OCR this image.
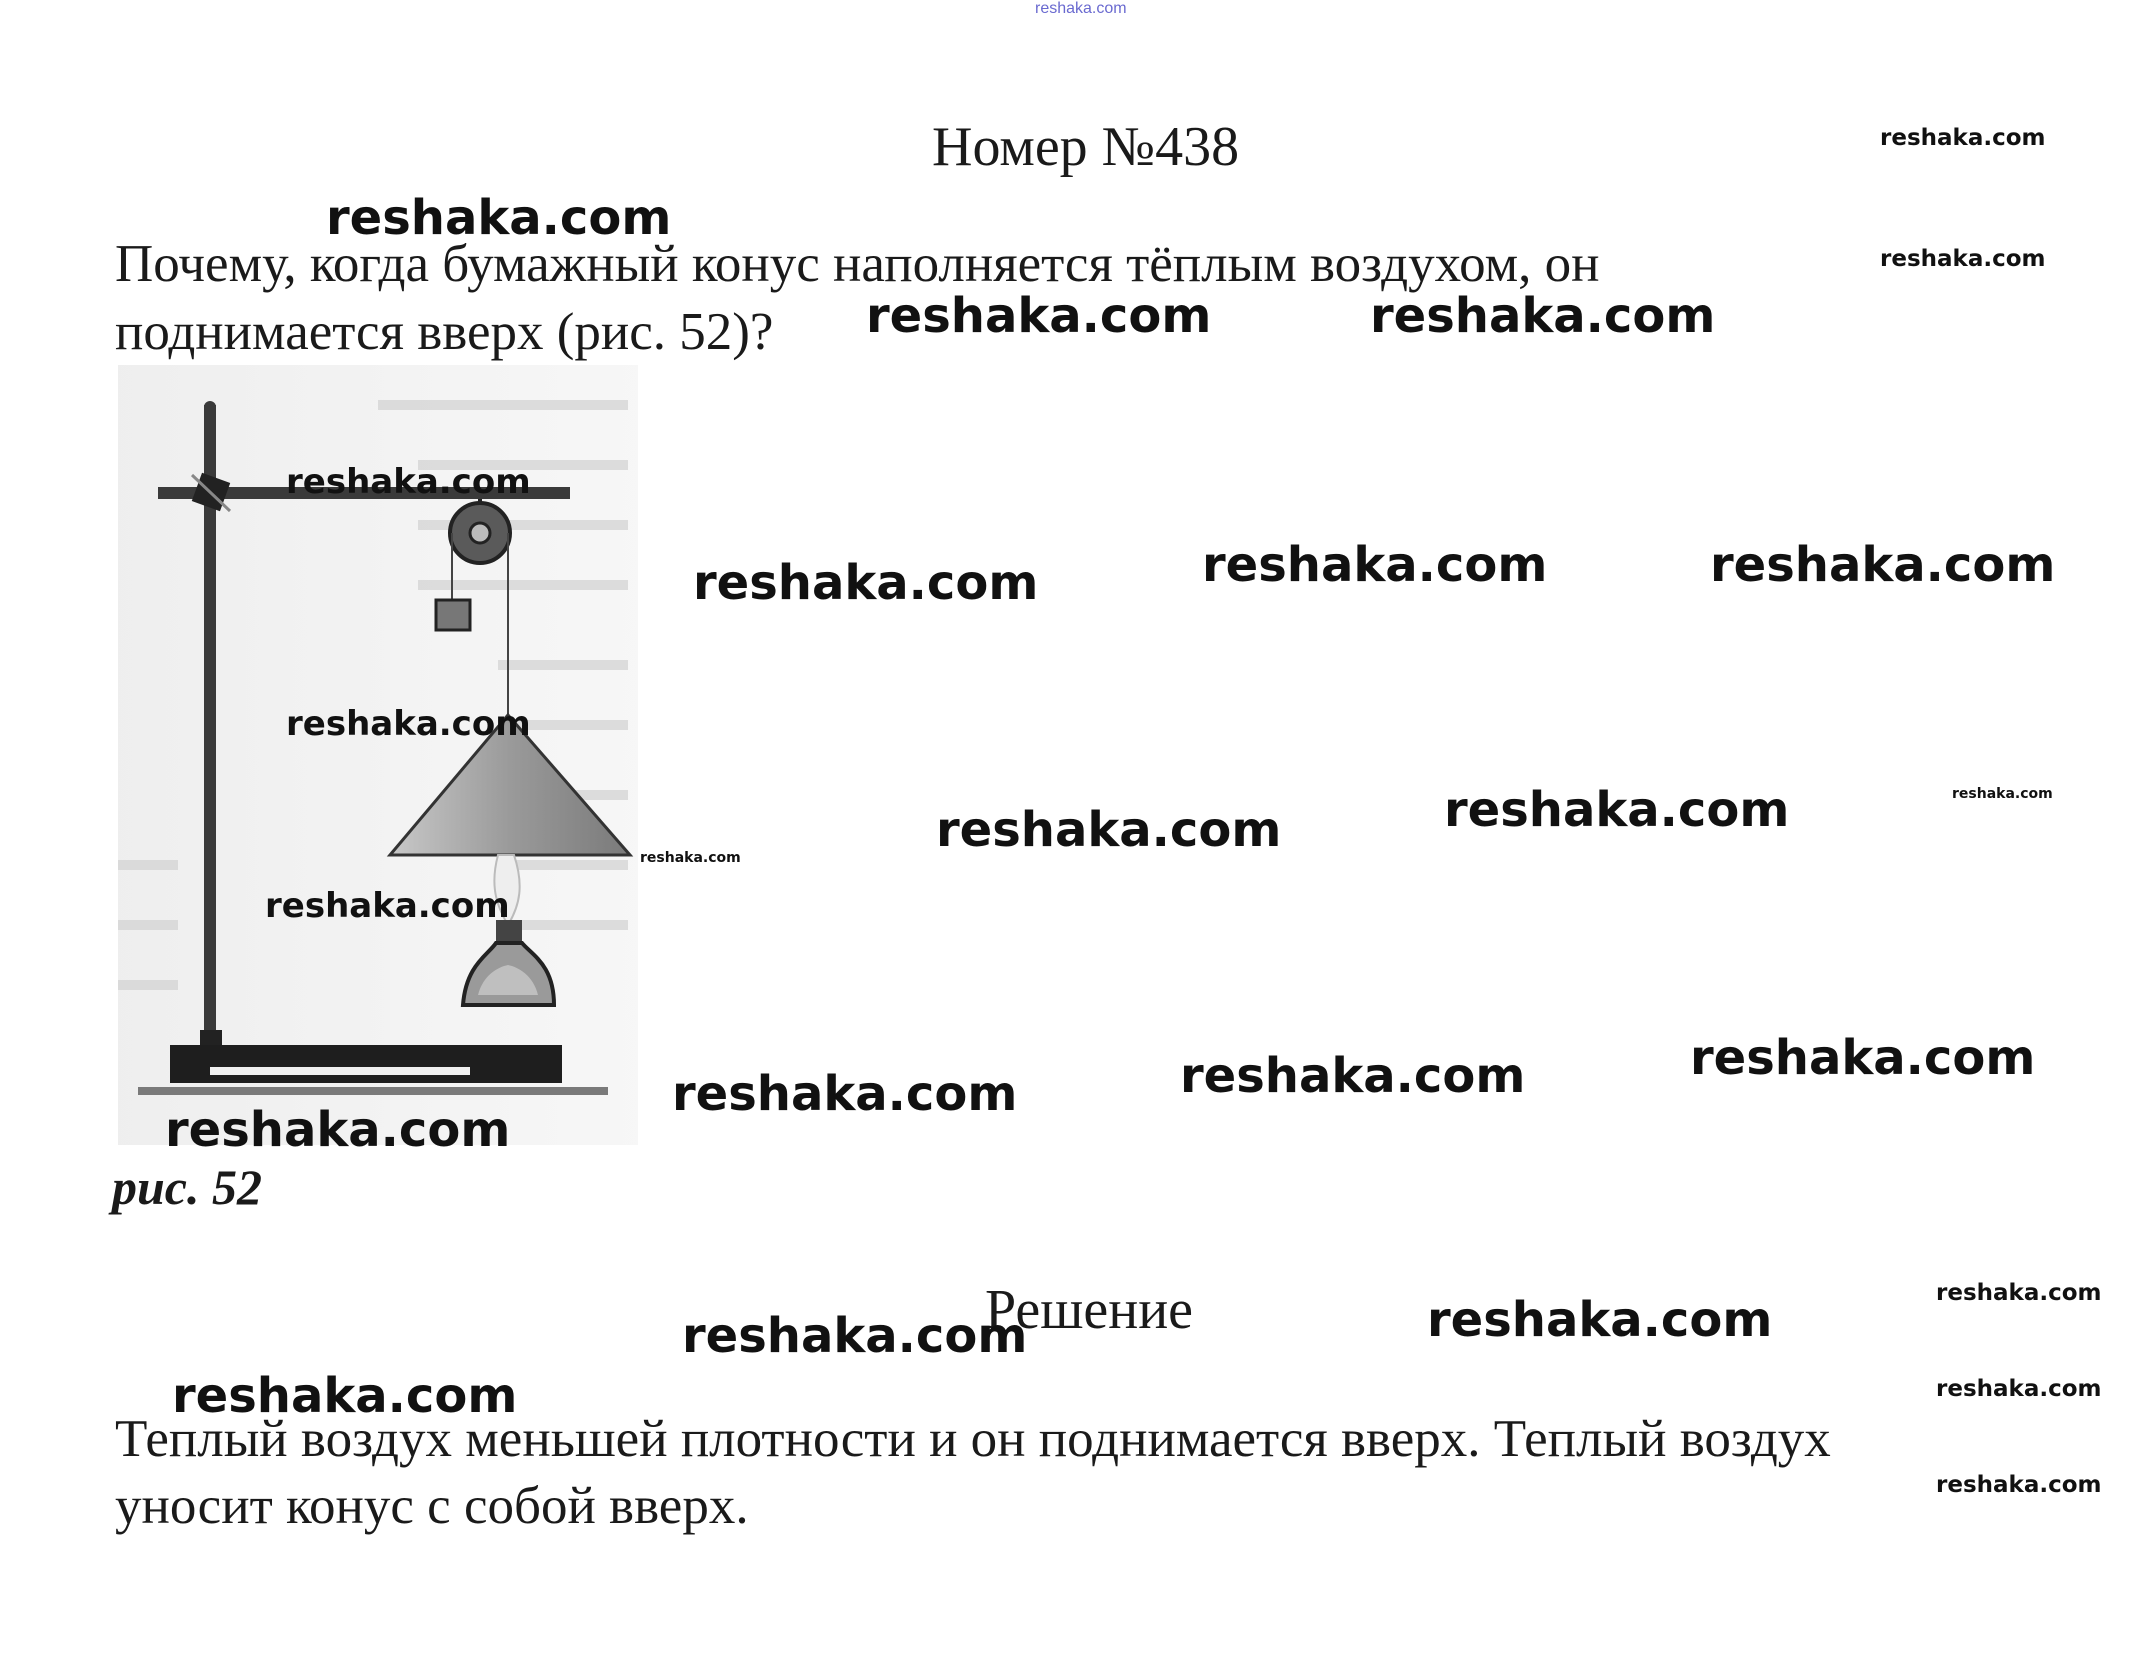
reshaka.com
Номер №438
Почему, когда бумажный конус наполняется тёплым воздухом, он
поднимается вверх (рис. 52)?
рис. 52
Решение
Теплый воздух меньшей плотности и он поднимается вверх. Теплый воздух
уносит конус с собой вверх.
reshaka.com
reshaka.com	reshaka.com
reshaka.com
reshaka.com
reshaka.com
reshaka.com	reshaka.com	reshaka.com
reshaka.com
reshaka.com
reshaka.com
reshaka.com
reshaka.com
reshaka.com
reshaka.com	reshaka.com	reshaka.com
reshaka.com
reshaka.com
reshaka.com	reshaka.com
reshaka.com	reshaka.com
reshaka.com
